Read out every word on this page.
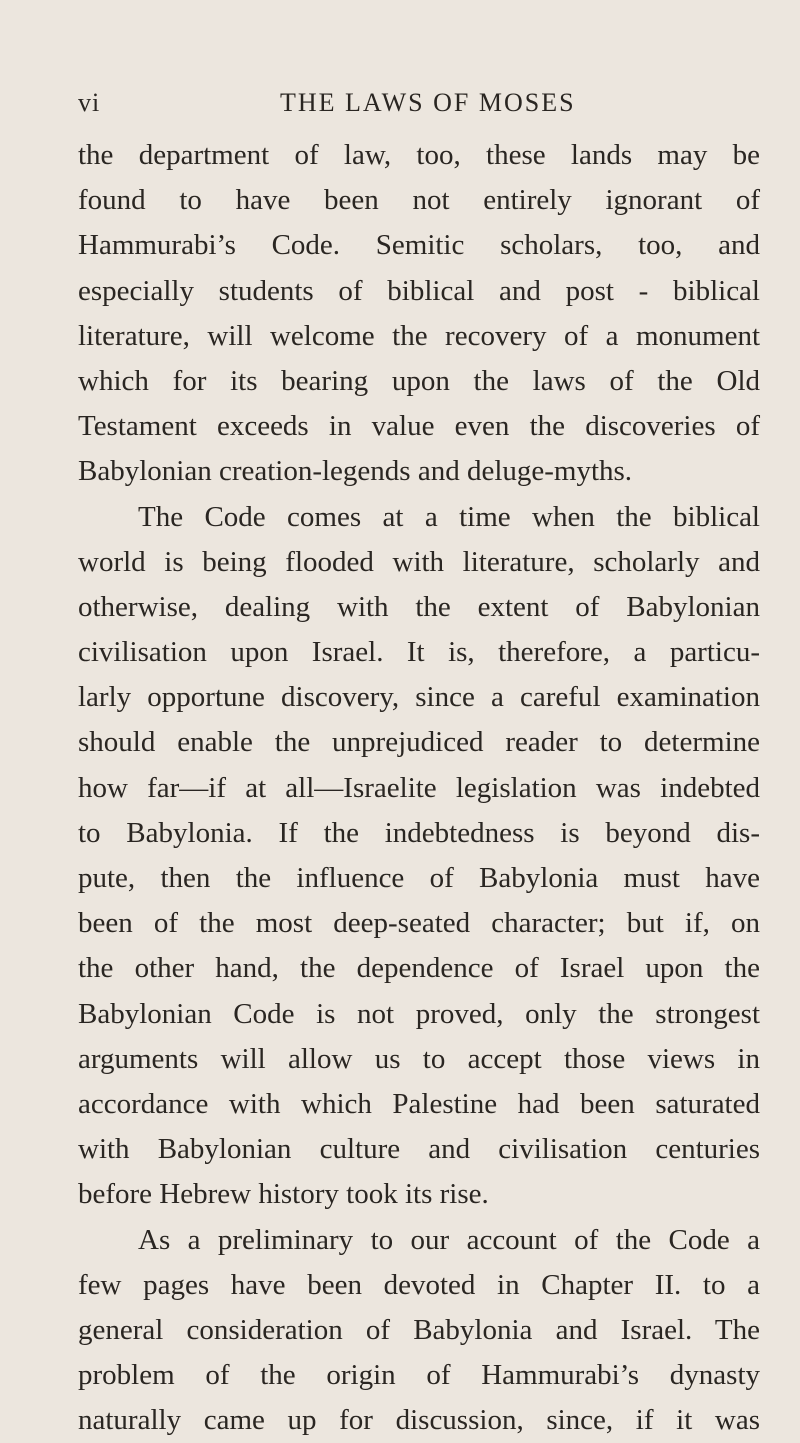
vi	THE LAWS OF MOSES
the department of law, too, these lands may be
found to have been not entirely ignorant of
Hammurabi’s Code. Semitic scholars, too, and
especially students of biblical and post - biblical
literature, will welcome the recovery of a monument
which for its bearing upon the laws of the Old
Testament exceeds in value even the discoveries of
Babylonian creation-legends and deluge-myths.
The Code comes at a time when the biblical
world is being flooded with literature, scholarly and
otherwise, dealing with the extent of Babylonian
civilisation upon Israel. It is, therefore, a particu-
larly opportune discovery, since a careful examination
should enable the unprejudiced reader to determine
how far—if at all—Israelite legislation was indebted
to Babylonia. If the indebtedness is beyond dis-
pute, then the influence of Babylonia must have
been of the most deep-seated character; but if, on
the other hand, the dependence of Israel upon the
Babylonian Code is not proved, only the strongest
arguments will allow us to accept those views in
accordance with which Palestine had been saturated
with Babylonian culture and civilisation centuries
before Hebrew history took its rise.
As a preliminary to our account of the Code a
few pages have been devoted in Chapter II. to a
general consideration of Babylonia and Israel. The
problem of the origin of Hammurabi’s dynasty
naturally came up for discussion, since, if it was
